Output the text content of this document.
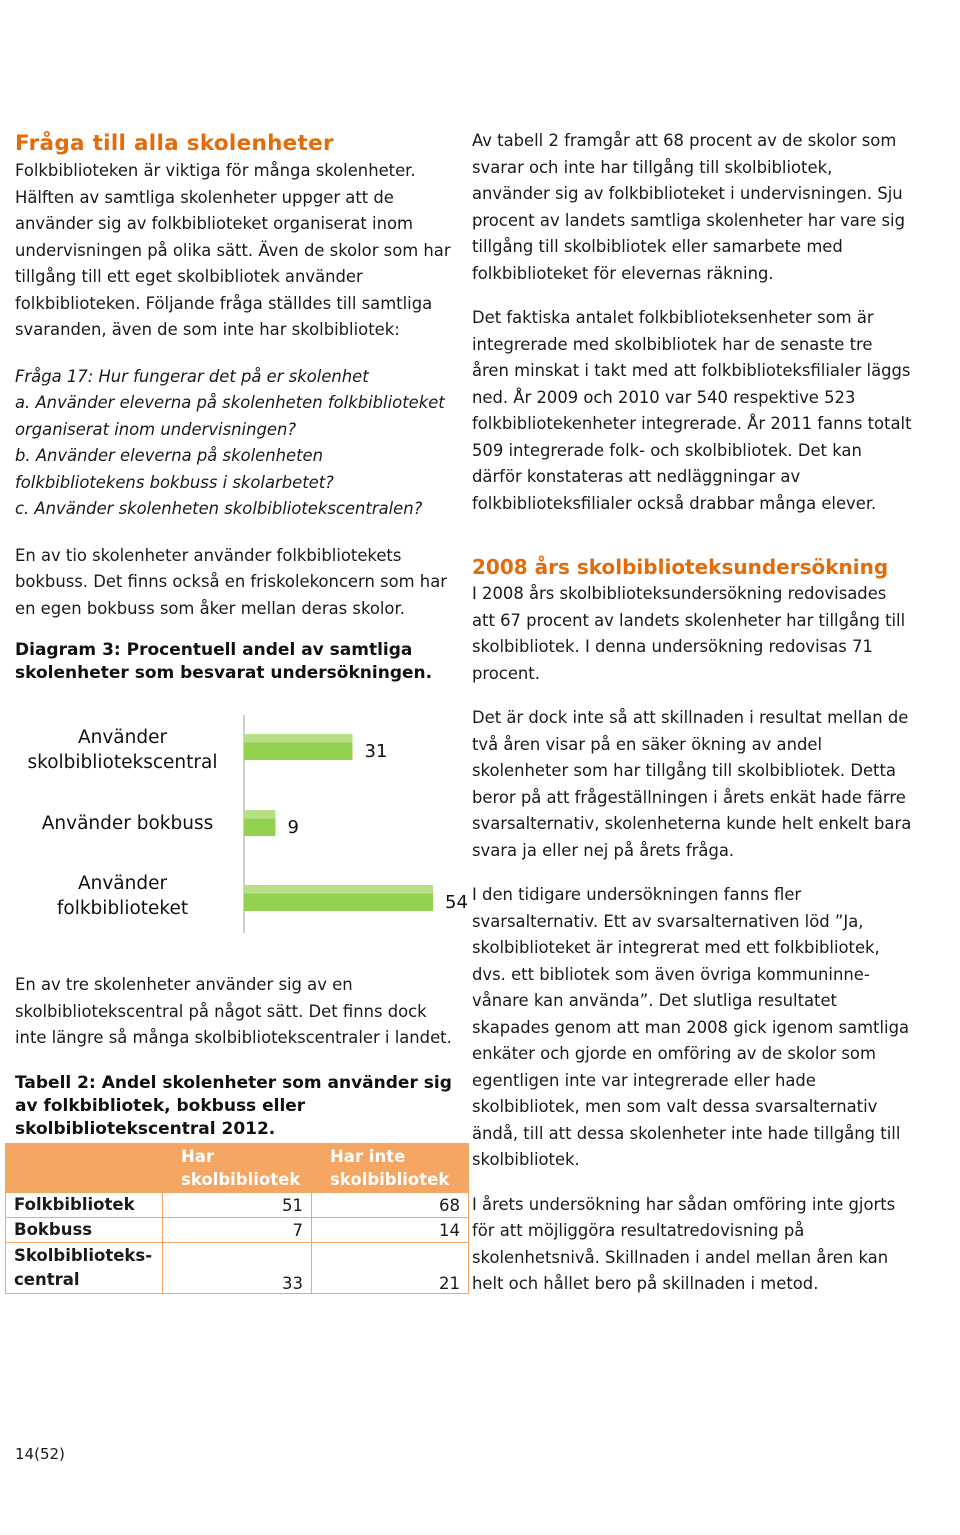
Fråga till alla skolenheter

Folkbiblioteken är viktiga för många skolenheter. Hälften av samtliga skolenheter uppger att de använder sig av folkbiblioteket organiserat inom undervisningen på olika sätt. Även de skolor som har tillgång till ett eget skolbibliotek använder folkbiblioteken. Följande fråga ställdes till samtliga svaranden, även de som inte har skolbibliotek:

Fråga 17: Hur fungerar det på er skolenhet

a. Använder eleverna på skolenheten folkbiblioteket organiserat inom undervisningen?

b. Använder eleverna på skolenheten folkbibliotekens bokbuss i skolarbetet?

c. Använder skolenheten skolbibliotekscentralen?

En av tio skolenheter använder folkbibliotekets bokbuss. Det finns också en friskolekoncern som har en egen bokbuss som åker mellan deras skolor.

Diagram 3: Procentuell andel av samtliga skolenheter som besvarat undersökningen.

31
9
54
Använder skolbibliotekscentral
Använder bokbuss
Använder folkbiblioteket

En av tre skolenheter använder sig av en skolbibliotekscentral på något sätt. Det finns dock inte längre så många skolbibliotekscentraler i landet.

Tabell 2: Andel skolenheter som använder sig av folkbibliotek, bokbuss eller skolbibliotekscentral 2012.

	Har
skolbibliotek	Har inte
skolbibliotek
Folkbibliotek	51	68
Bokbuss	7	14
Skolbiblioteks-
central	33	21

Av tabell 2 framgår att 68 procent av de skolor som svarar och inte har tillgång till skolbibliotek, använder sig av folkbiblioteket i undervisningen. Sju procent av landets samtliga skolenheter har vare sig tillgång till skolbibliotek eller samarbete med folkbiblioteket för elevernas räkning.

Det faktiska antalet folkbiblioteksenheter som är integrerade med skolbibliotek har de senaste tre åren minskat i takt med att folkbiblioteksfilialer läggs ned. År 2009 och 2010 var 540 respektive 523 folkbibliotekenheter integrerade. År 2011 fanns totalt 509 integrerade folk- och skolbibliotek. Det kan därför konstateras att nedläggningar av folkbiblioteksfilialer också drabbar många elever.

2008 års skolbiblioteksundersökning

I 2008 års skolbiblioteksundersökning redovisades att 67 procent av landets skolenheter har tillgång till skolbibliotek. I denna undersökning redovisas 71 procent.

Det är dock inte så att skillnaden i resultat mellan de två åren visar på en säker ökning av andel skolenheter som har tillgång till skolbibliotek. Detta beror på att frågeställningen i årets enkät hade färre svarsalternativ, skolenheterna kunde helt enkelt bara svara ja eller nej på årets fråga.

I den tidigare undersökningen fanns fler svarsalternativ. Ett av svarsalternativen löd ”Ja, skolbiblioteket är integrerat med ett folkbibliotek, dvs. ett bibliotek som även övriga kommuninne-vånare kan använda”. Det slutliga resultatet skapades genom att man 2008 gick igenom samtliga enkäter och gjorde en omföring av de skolor som egentligen inte var integrerade eller hade skolbibliotek, men som valt dessa svarsalternativ ändå, till att dessa skolenheter inte hade tillgång till skolbibliotek.

I årets undersökning har sådan omföring inte gjorts för att möjliggöra resultatredovisning på skolenhetsnivå. Skillnaden i andel mellan åren kan helt och hållet bero på skillnaden i metod.

14(52)
